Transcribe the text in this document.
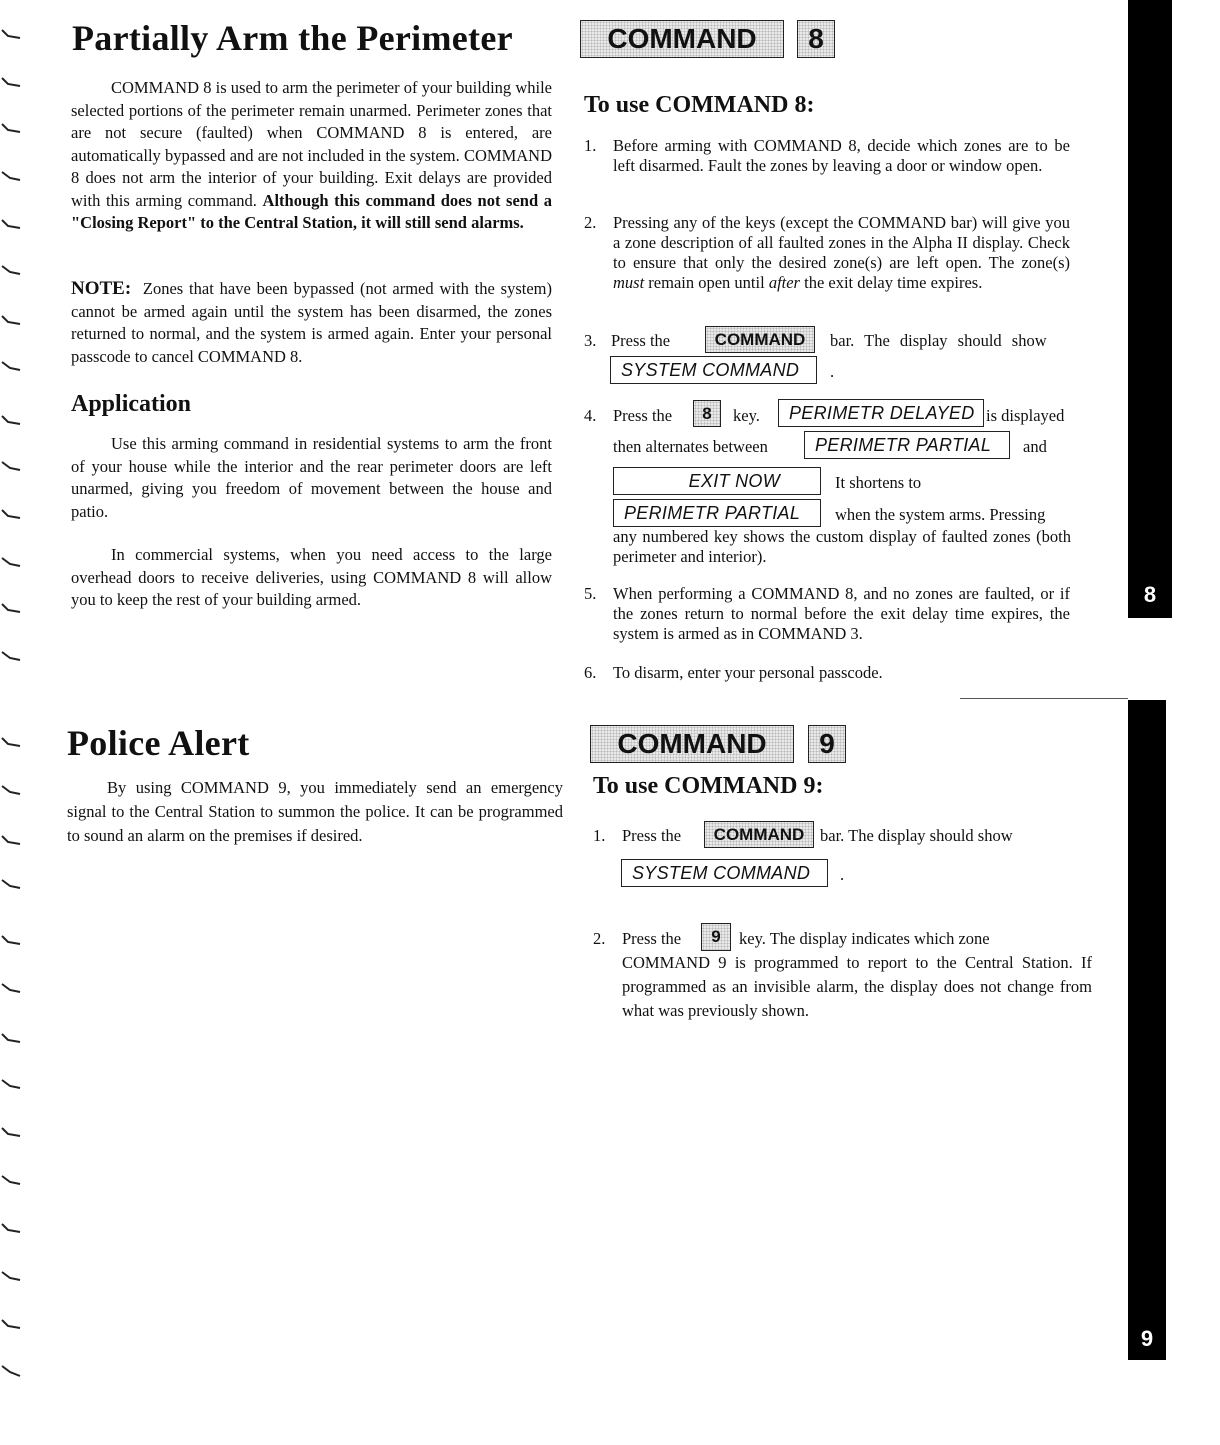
Partially Arm the Perimeter	COMMAND	8

COMMAND 8 is used to arm the perimeter of your building while selected portions of the perimeter remain unarmed. Perimeter zones that are not secure (faulted) when COMMAND 8 is entered, are automatically bypassed and are not included in the system. COMMAND 8 does not arm the interior of your building. Exit delays are provided with this arming command. Although this command does not send a "Closing Report" to the Central Station, it will still send alarms.

NOTE: Zones that have been bypassed (not armed with the system) cannot be armed again until the system has been disarmed, the zones returned to normal, and the system is armed again. Enter your personal passcode to cancel COMMAND 8.

Application

Use this arming command in residential systems to arm the front of your house while the interior and the rear perimeter doors are left unarmed, giving you freedom of movement between the house and patio.

In commercial systems, when you need access to the large overhead doors to receive deliveries, using COMMAND 8 will allow you to keep the rest of your building armed.

To use COMMAND 8:
1. Before arming with COMMAND 8, decide which zones are to be left disarmed. Fault the zones by leaving a door or window open.
2. Pressing any of the keys (except the COMMAND bar) will give you a zone description of all faulted zones in the Alpha II display. Check to ensure that only the desired zone(s) are left open. The zone(s) must remain open until after the exit delay time expires.
3. Press the	COMMAND	bar. The display should show
SYSTEM COMMAND	.
4. Press the	8	key.	PERIMETR DELAYED is displayed
then alternates between	PERIMETR PARTIAL	and
EXIT NOW	It shortens to
PERIMETR PARTIAL	when the system arms. Pressing
any numbered key shows the custom display of faulted zones (both perimeter and interior).
5. When performing a COMMAND 8, and no zones are faulted, or if the zones return to normal before the exit delay time expires, the system is armed as in COMMAND 3.
6. To disarm, enter your personal passcode.
Police Alert	COMMAND	9

By using COMMAND 9, you immediately send an emergency signal to the Central Station to summon the police. It can be programmed to sound an alarm on the premises if desired.

To use COMMAND 9:
1. Press the	COMMAND bar. The display should show
SYSTEM COMMAND	.
2. Press the	9	key. The display indicates which zone
COMMAND 9 is programmed to report to the Central Station. If programmed as an invisible alarm, the display does not change from what was previously shown.
8
9
